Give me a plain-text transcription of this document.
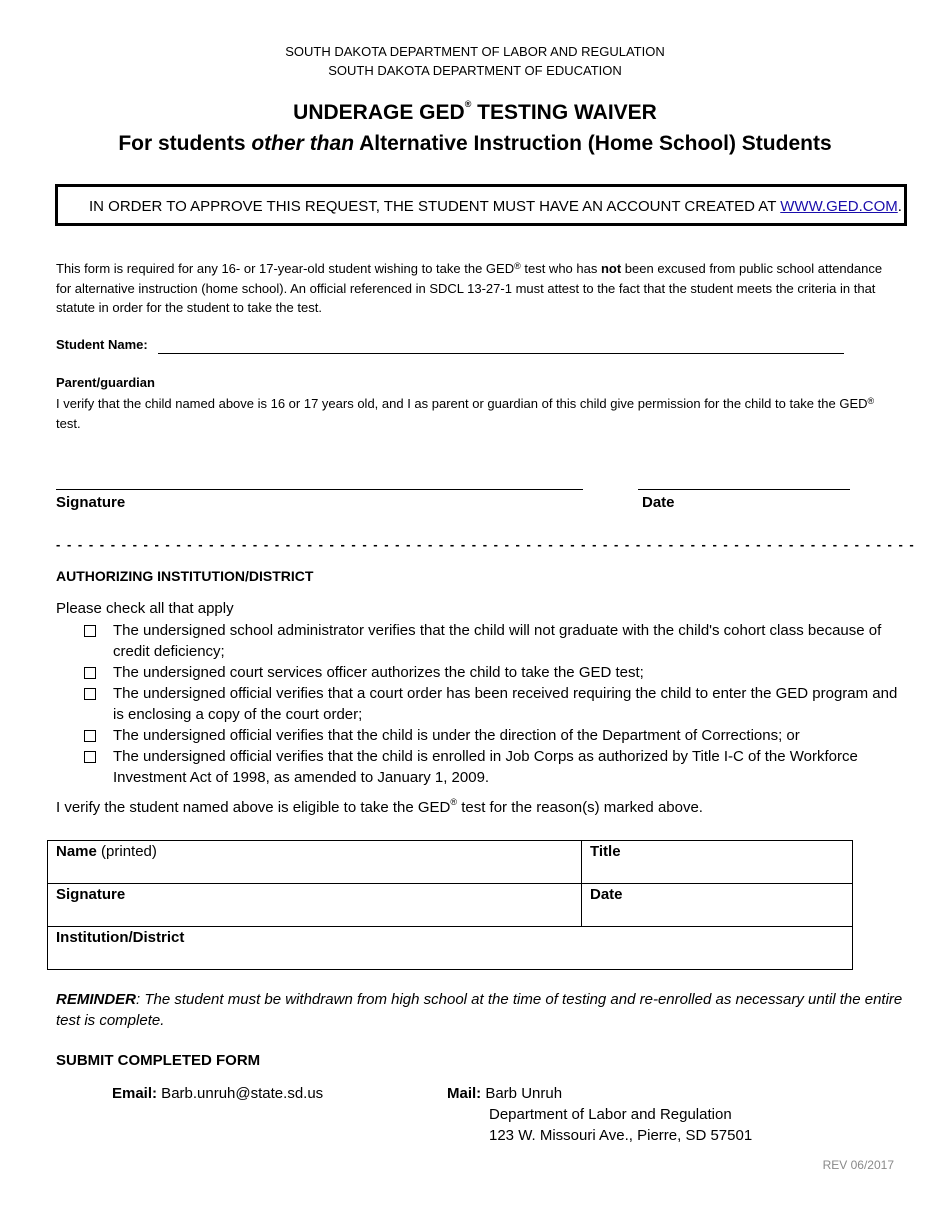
SOUTH DAKOTA DEPARTMENT OF LABOR AND REGULATION
SOUTH DAKOTA DEPARTMENT OF EDUCATION
UNDERAGE GED® TESTING WAIVER
For students other than Alternative Instruction (Home School) Students
IN ORDER TO APPROVE THIS REQUEST, THE STUDENT MUST HAVE AN ACCOUNT CREATED AT WWW.GED.COM.
This form is required for any 16- or 17-year-old student wishing to take the GED® test who has not been excused from public school attendance for alternative instruction (home school). An official referenced in SDCL 13-27-1 must attest to the fact that the student meets the criteria in that statute in order for the student to take the test.
Student Name:
Parent/guardian
I verify that the child named above is 16 or 17 years old, and I as parent or guardian of this child give permission for the child to take the GED® test.
Signature	Date
- - - - - - - - - - - - - - - - - - - - - - - - - - - - - - - - - - - - - - - - - - - - - - - - - - - - - - - - - - - - - - - - - - - - - - - - - - - - - - -
AUTHORIZING INSTITUTION/DISTRICT
Please check all that apply
The undersigned school administrator verifies that the child will not graduate with the child's cohort class because of credit deficiency;
The undersigned court services officer authorizes the child to take the GED test;
The undersigned official verifies that a court order has been received requiring the child to enter the GED program and is enclosing a copy of the court order;
The undersigned official verifies that the child is under the direction of the Department of Corrections; or
The undersigned official verifies that the child is enrolled in Job Corps as authorized by Title I-C of the Workforce Investment Act of 1998, as amended to January 1, 2009.
I verify the student named above is eligible to take the GED® test for the reason(s) marked above.
Name (printed)	Title
Signature	Date
Institution/District	
REMINDER: The student must be withdrawn from high school at the time of testing and re-enrolled as necessary until the entire test is complete.
SUBMIT COMPLETED FORM
Email: Barb.unruh@state.sd.us	Mail: Barb Unruh
Department of Labor and Regulation
123 W. Missouri Ave., Pierre, SD 57501
REV 06/2017
